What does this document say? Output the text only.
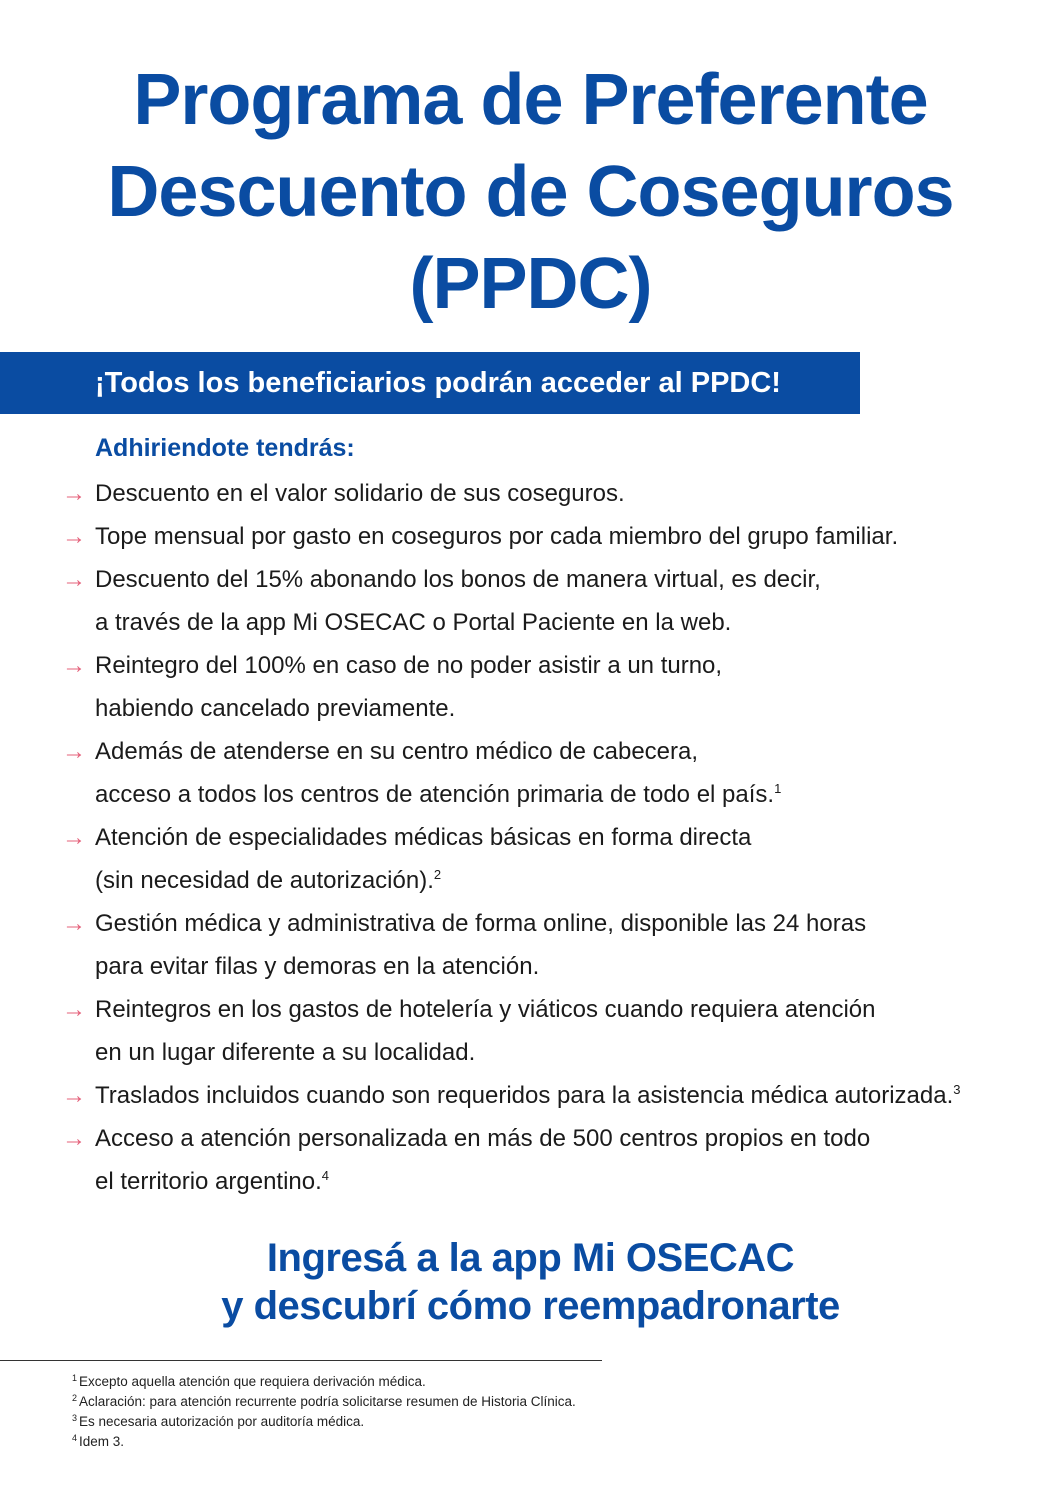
Programa de Preferente
Descuento de Coseguros
(PPDC)
¡Todos los beneficiarios podrán acceder al PPDC!
Adhiriendote tendrás:
→ Descuento en el valor solidario de sus coseguros.
→ Tope mensual por gasto en coseguros por cada miembro del grupo familiar.
→ Descuento del 15% abonando los bonos de manera virtual, es decir,
a través de la app Mi OSECAC o Portal Paciente en la web.
→ Reintegro del 100% en caso de no poder asistir a un turno,
habiendo cancelado previamente.
→ Además de atenderse en su centro médico de cabecera,
acceso a todos los centros de atención primaria de todo el país.$^1$
→ Atención de especialidades médicas básicas en forma directa
(sin necesidad de autorización).$^2$
→ Gestión médica y administrativa de forma online, disponible las 24 horas
para evitar filas y demoras en la atención.
→ Reintegros en los gastos de hotelería y viáticos cuando requiera atención
en un lugar diferente a su localidad.
→ Traslados incluidos cuando son requeridos para la asistencia médica autorizada.$^3$
→ Acceso a atención personalizada en más de 500 centros propios en todo
el territorio argentino.$^4$
Ingresá a la app Mi OSECAC
y descubrí cómo reempadronarte
$^1$ Excepto aquella atención que requiera derivación médica.
$^2$ Aclaración: para atención recurrente podría solicitarse resumen de Historia Clínica.
$^3$ Es necesaria autorización por auditoría médica.
$^4$ Idem 3.
